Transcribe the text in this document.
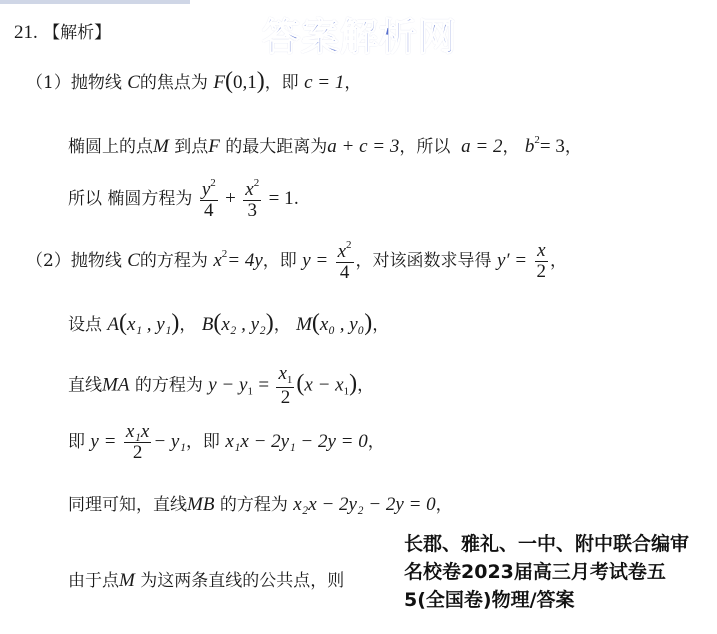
21. 【解析】	答案解析网
（1）抛物线 C的焦点为 F(0,1)，即 c = 1，
椭圆上的点M 到点F 的最大距离为a + c = 3，所以 a = 2， $b^2= 3$，
所以 椭圆方程为 $\frac{y^2}{4} + \frac{x^2}{3} = 1$.
（2）抛物线 C的方程为 $x^2= 4y$，即 $y = \frac{x^2}{4}$ ，对该函数求导得 $y' = \frac{x}{2}$ ，
设点 A(x₁ , y₁)， B(x₂ , y₂)， M(x₀ , y₀)，
直线MA 的方程为 $y - y_1 = \frac{x_1}{2} (x - x_1)$，
即 $y = \frac{\text{x₁x}}{2} - y_1$，即 x₁x − 2y₁ − 2y = 0，
同理可知，直线MB 的方程为 x₂x − 2y₂ − 2y = 0，
由于点M 为这两条直线的公共点，则
长郡、雅礼、一中、附中联合编审
名校卷2023届高三月考试卷五
5(全国卷)物理/答案
